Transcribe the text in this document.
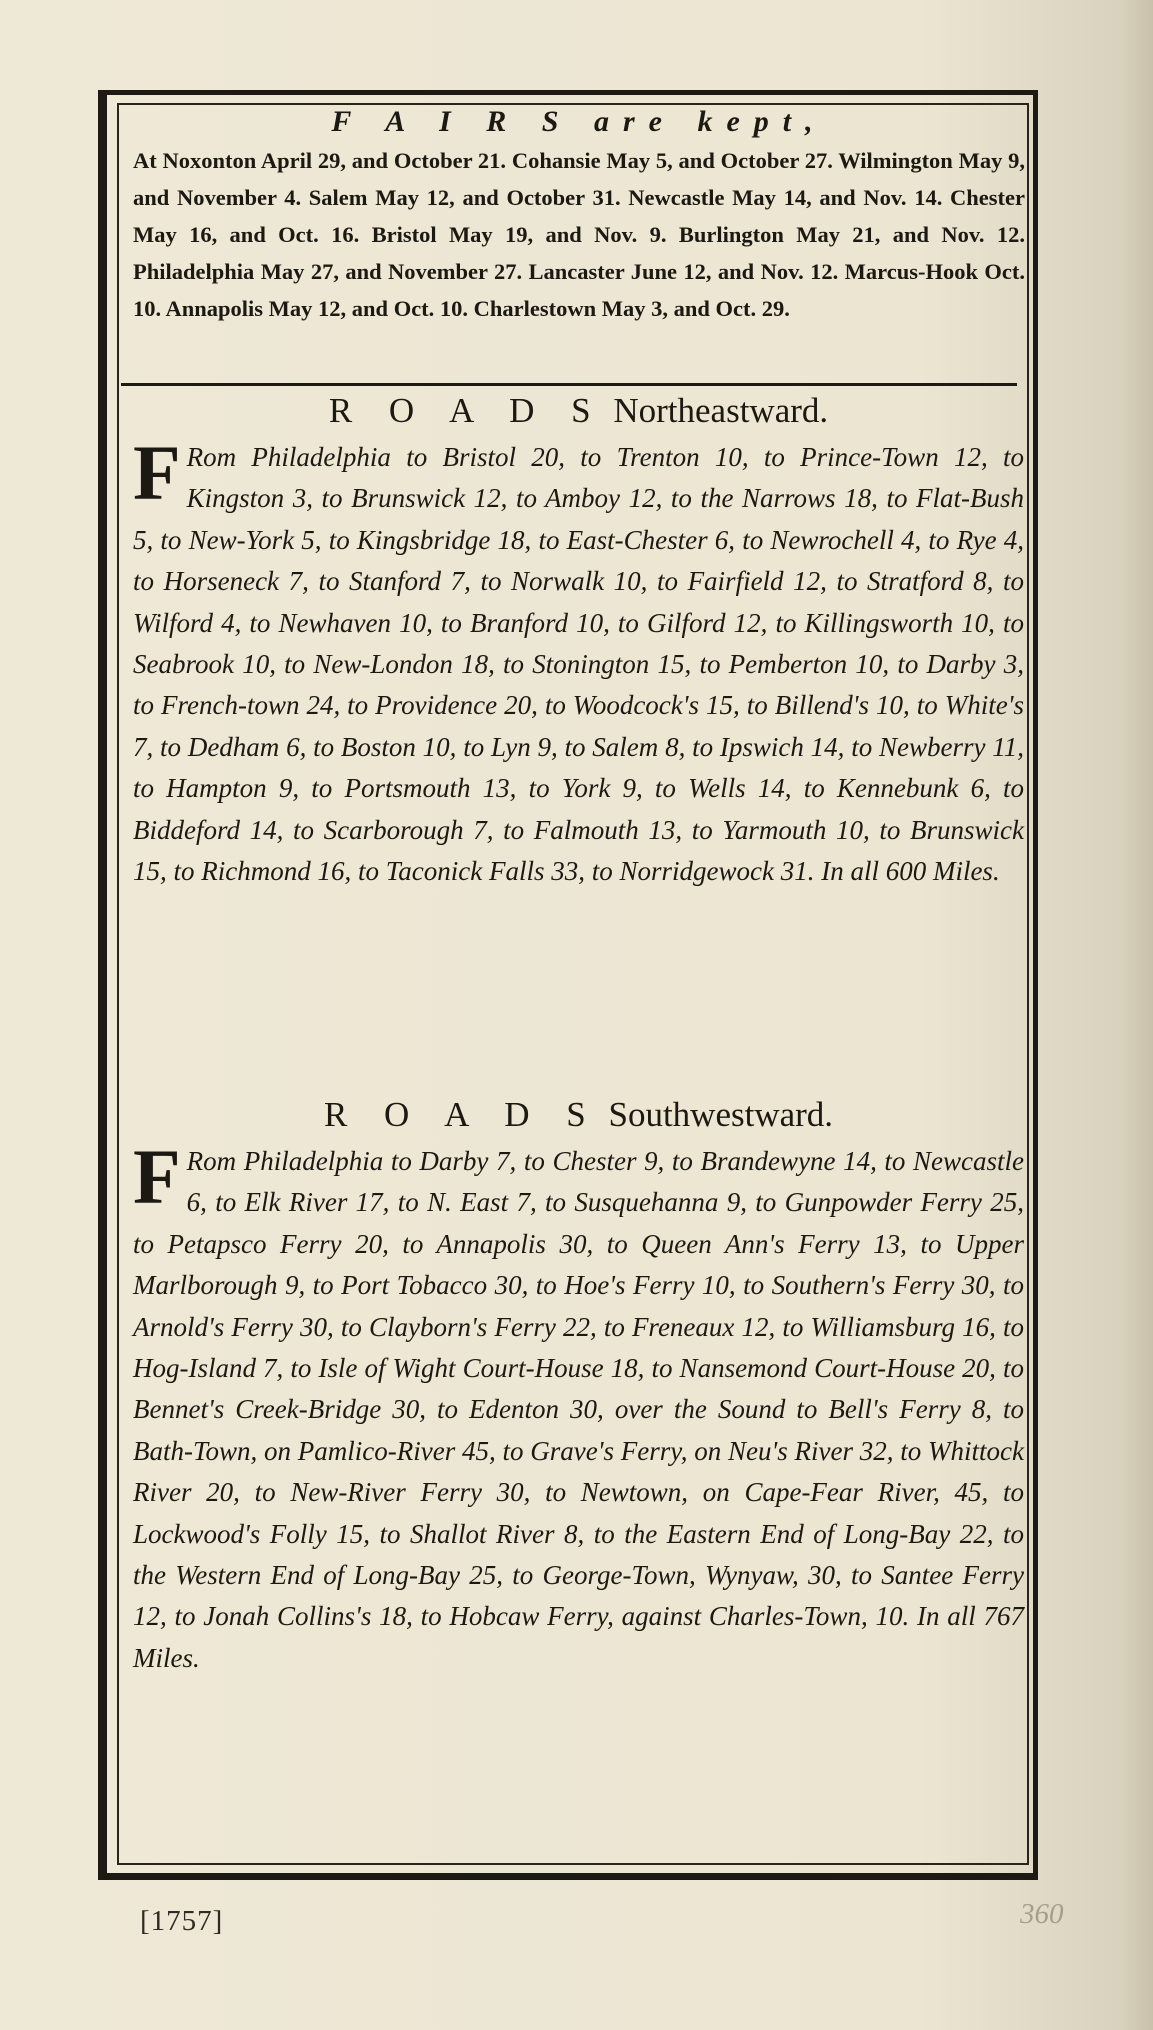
F A I R S are kept,

At Noxonton April 29, and October 21. Cohansie May 5, and October 27. Wilmington May 9, and November 4. Salem May 12, and October 31. Newcastle May 14, and Nov. 14. Chester May 16, and Oct. 16. Bristol May 19, and Nov. 9. Burlington May 21, and Nov. 12. Philadelphia May 27, and November 27. Lancaster June 12, and Nov. 12. Marcus-Hook Oct. 10. Annapolis May 12, and Oct. 10. Charlestown May 3, and Oct. 29.

R O A D S Northeastward.

F Rom Philadelphia to Bristol 20, to Trenton 10, to Prince-Town 12, to Kingston 3, to Brunswick 12, to Amboy 12, to the Narrows 18, to Flat-Bush 5, to New-York 5, to Kingsbridge 18, to East-Chester 6, to Newrochell 4, to Rye 4, to Horseneck 7, to Stanford 7, to Norwalk 10, to Fairfield 12, to Stratford 8, to Wilford 4, to Newhaven 10, to Branford 10, to Gilford 12, to Killingsworth 10, to Seabrook 10, to New-London 18, to Stonington 15, to Pemberton 10, to Darby 3, to French-town 24, to Providence 20, to Woodcock's 15, to Billend's 10, to White's 7, to Dedham 6, to Boston 10, to Lyn 9, to Salem 8, to Ipswich 14, to Newberry 11, to Hampton 9, to Portsmouth 13, to York 9, to Wells 14, to Kennebunk 6, to Biddeford 14, to Scarborough 7, to Falmouth 13, to Yarmouth 10, to Brunswick 15, to Richmond 16, to Taconick Falls 33, to Norridgewock 31. In all 600 Miles.

R O A D S Southwestward.

F Rom Philadelphia to Darby 7, to Chester 9, to Brandewyne 14, to Newcastle 6, to Elk River 17, to N. East 7, to Susquehanna 9, to Gunpowder Ferry 25, to Petapsco Ferry 20, to Annapolis 30, to Queen Ann's Ferry 13, to Upper Marlborough 9, to Port Tobacco 30, to Hoe's Ferry 10, to Southern's Ferry 30, to Arnold's Ferry 30, to Clayborn's Ferry 22, to Freneaux 12, to Williamsburg 16, to Hog-Island 7, to Isle of Wight Court-House 18, to Nansemond Court-House 20, to Bennet's Creek-Bridge 30, to Edenton 30, over the Sound to Bell's Ferry 8, to Bath-Town, on Pamlico-River 45, to Grave's Ferry, on Neu's River 32, to Whittock River 20, to New-River Ferry 30, to Newtown, on Cape-Fear River, 45, to Lockwood's Folly 15, to Shallot River 8, to the Eastern End of Long-Bay 22, to the Western End of Long-Bay 25, to George-Town, Wynyaw, 30, to Santee Ferry 12, to Jonah Collins's 18, to Hobcaw Ferry, against Charles-Town, 10. In all 767 Miles.

[1757]	360
